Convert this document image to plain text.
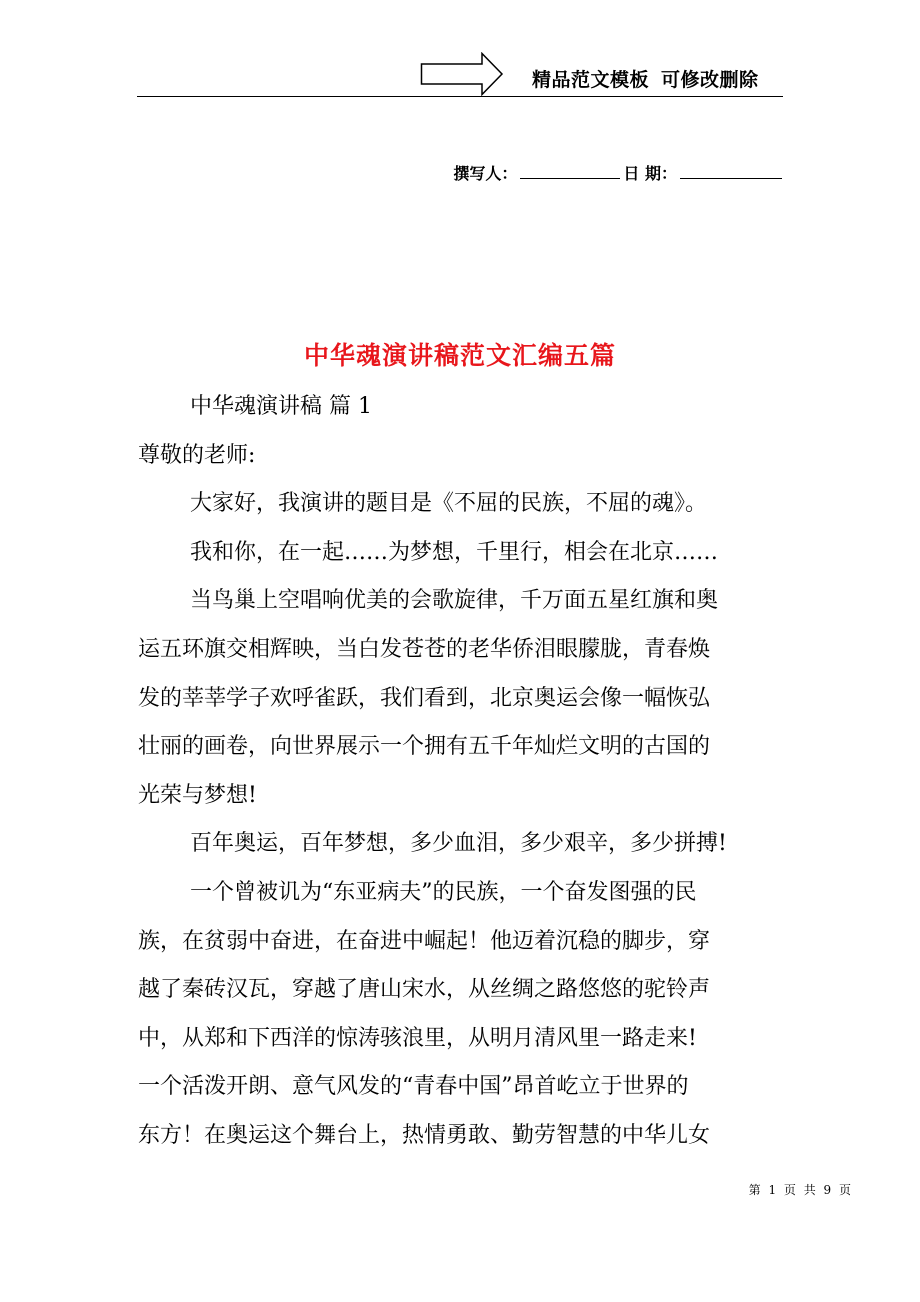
精品范文模板 可修改删除
撰写人：	日 期：
中华魂演讲稿范文汇编五篇

中华魂演讲稿 篇 1

尊敬的老师:

大家好，我演讲的题目是《不屈的民族，不屈的魂》。

我和你，在一起……为梦想，千里行，相会在北京……

当鸟巢上空唱响优美的会歌旋律，千万面五星红旗和奥

运五环旗交相辉映，当白发苍苍的老华侨泪眼朦胧，青春焕

发的莘莘学子欢呼雀跃，我们看到，北京奥运会像一幅恢弘

壮丽的画卷，向世界展示一个拥有五千年灿烂文明的古国的

光荣与梦想!

百年奥运，百年梦想，多少血泪，多少艰辛，多少拼搏!

一个曾被讥为“东亚病夫”的民族，一个奋发图强的民

族，在贫弱中奋进，在奋进中崛起！他迈着沉稳的脚步，穿

越了秦砖汉瓦，穿越了唐山宋水，从丝绸之路悠悠的驼铃声

中，从郑和下西洋的惊涛骇浪里，从明月清风里一路走来!

一个活泼开朗、意气风发的“青春中国”昂首屹立于世界的

东方！在奥运这个舞台上，热情勇敢、勤劳智慧的中华儿女

第 1 页 共 9 页
